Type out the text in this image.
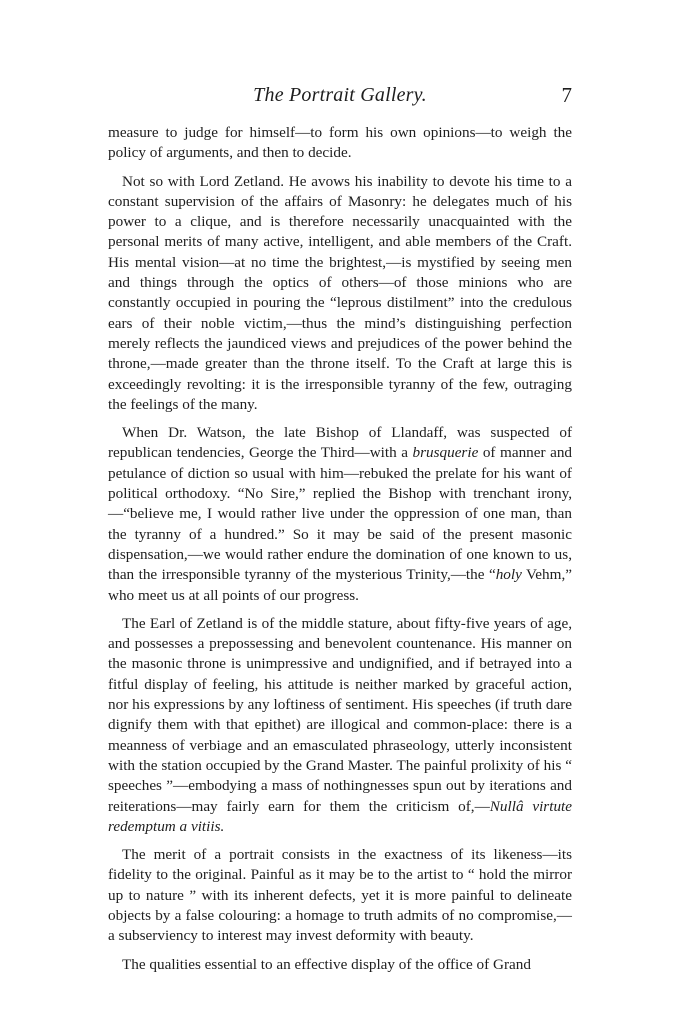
The Portrait Gallery.	7

measure to judge for himself—to form his own opinions—to weigh the policy of arguments, and then to decide.

Not so with Lord Zetland. He avows his inability to devote his time to a constant supervision of the affairs of Masonry: he delegates much of his power to a clique, and is therefore necessarily unacquainted with the personal merits of many active, intelligent, and able members of the Craft. His mental vision—at no time the brightest,—is mystified by seeing men and things through the optics of others—of those minions who are constantly occupied in pouring the “leprous distilment” into the credulous ears of their noble victim,—thus the mind’s distinguishing perfection merely reflects the jaundiced views and prejudices of the power behind the throne,—made greater than the throne itself. To the Craft at large this is exceedingly revolting: it is the irresponsible tyranny of the few, outraging the feelings of the many.

When Dr. Watson, the late Bishop of Llandaff, was suspected of republican tendencies, George the Third—with a brusquerie of manner and petulance of diction so usual with him—rebuked the prelate for his want of political orthodoxy. “No Sire,” replied the Bishop with trenchant irony,—“believe me, I would rather live under the oppression of one man, than the tyranny of a hundred.” So it may be said of the present masonic dispensation,—we would rather endure the domination of one known to us, than the irresponsible tyranny of the mysterious Trinity,—the “holy Vehm,” who meet us at all points of our progress.

The Earl of Zetland is of the middle stature, about fifty-five years of age, and possesses a prepossessing and benevolent countenance. His manner on the masonic throne is unimpressive and undignified, and if betrayed into a fitful display of feeling, his attitude is neither marked by graceful action, nor his expressions by any loftiness of sentiment. His speeches (if truth dare dignify them with that epithet) are illogical and common-place: there is a meanness of verbiage and an emasculated phraseology, utterly inconsistent with the station occupied by the Grand Master. The painful prolixity of his “ speeches ”—embodying a mass of nothingnesses spun out by iterations and reiterations—may fairly earn for them the criticism of,—Nullâ virtute redemptum a vitiis.

The merit of a portrait consists in the exactness of its likeness—its fidelity to the original. Painful as it may be to the artist to “ hold the mirror up to nature ” with its inherent defects, yet it is more painful to delineate objects by a false colouring: a homage to truth admits of no compromise,—a subserviency to interest may invest deformity with beauty.

The qualities essential to an effective display of the office of Grand
